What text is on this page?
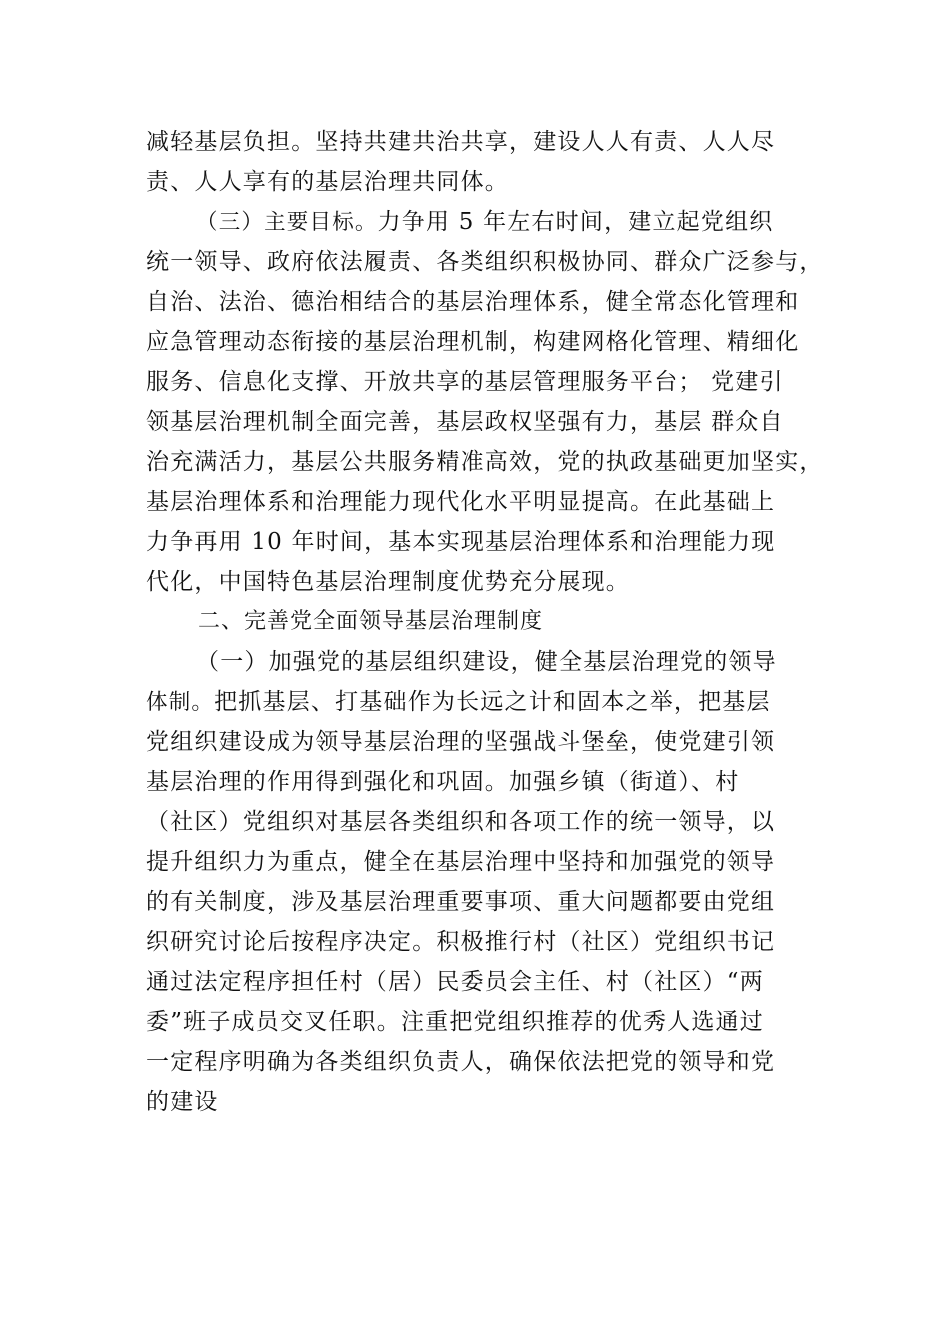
减轻基层负担。坚持共建共治共享，建设人人有责、人人尽
责、人人享有的基层治理共同体。
（三）主要目标。力争用 5 年左右时间，建立起党组织
统一领导、政府依法履责、各类组织积极协同、群众广泛参与，
自治、法治、德治相结合的基层治理体系，健全常态化管理和
应急管理动态衔接的基层治理机制，构建网格化管理、精细化
服务、信息化支撑、开放共享的基层管理服务平台； 党建引
领基层治理机制全面完善，基层政权坚强有力，基层 群众自
治充满活力，基层公共服务精准高效，党的执政基础更加坚实，
基层治理体系和治理能力现代化水平明显提高。在此基础上
力争再用 10 年时间，基本实现基层治理体系和治理能力现
代化，中国特色基层治理制度优势充分展现。
二、完善党全面领导基层治理制度
（一）加强党的基层组织建设，健全基层治理党的领导
体制。把抓基层、打基础作为长远之计和固本之举，把基层
党组织建设成为领导基层治理的坚强战斗堡垒，使党建引领
基层治理的作用得到强化和巩固。加强乡镇（街道）、村
（社区）党组织对基层各类组织和各项工作的统一领导，以
提升组织力为重点，健全在基层治理中坚持和加强党的领导
的有关制度，涉及基层治理重要事项、重大问题都要由党组
织研究讨论后按程序决定。积极推行村（社区）党组织书记
通过法定程序担任村（居）民委员会主任、村（社区）“两
委”班子成员交叉任职。注重把党组织推荐的优秀人选通过
一定程序明确为各类组织负责人，确保依法把党的领导和党
的建设
